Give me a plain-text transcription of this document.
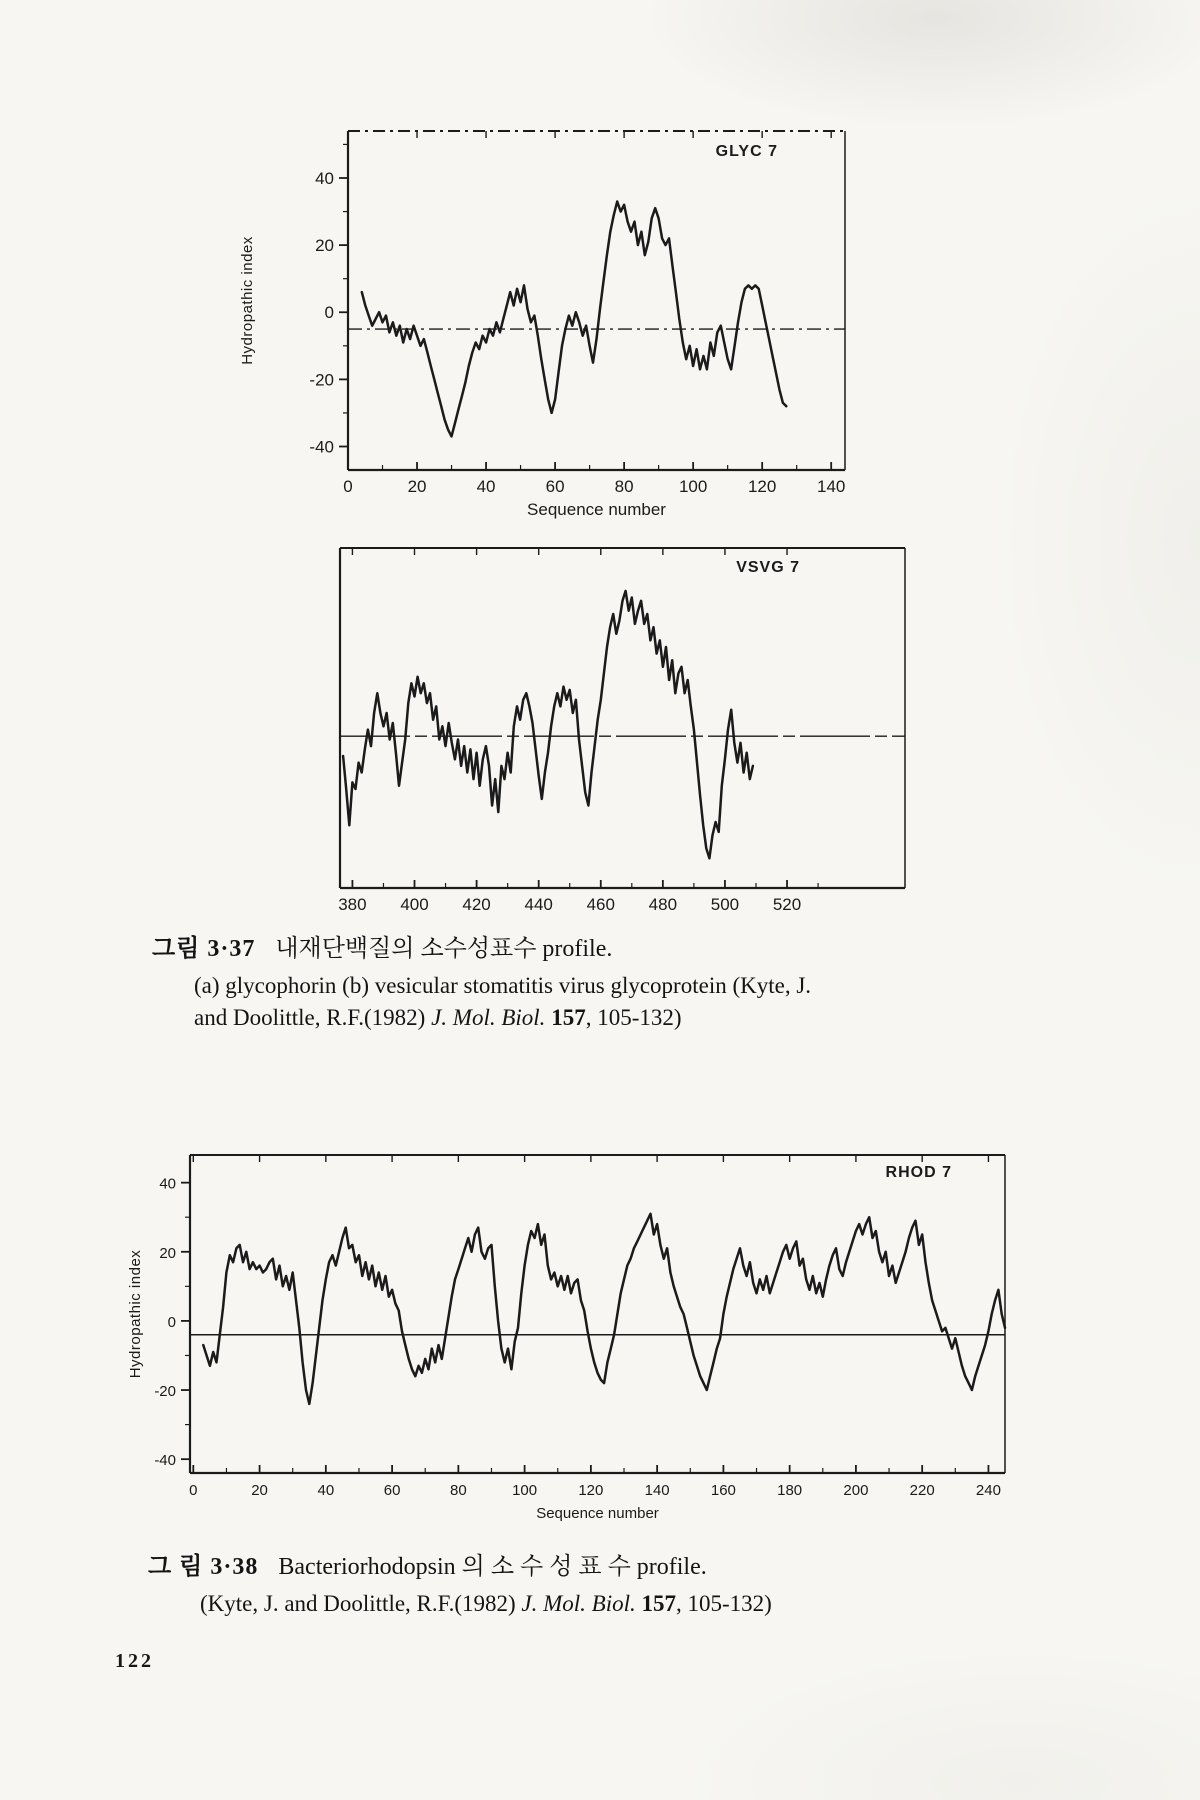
0	20	40	60	80	100 120 140
40
20
0
-20
-40
GLYC 7
Sequence number
Hydropathic index
380 400 420 440 460 480 500 520
VSVG 7
그림 3·37 내재단백질의 소수성표수 profile.
(a) glycophorin (b) vesicular stomatitis virus glycoprotein (Kyte, J.
and Doolittle, R.F.(1982) J. Mol. Biol. 157, 105-132)
0	20	40	60	80	100	120	140	160	180	200	220	240
40
20
0
-20
-40
RHOD 7
Sequence number
Hydropathic index
그 림 3·38 Bacteriorhodopsin 의 소 수 성 표 수 profile.
(Kyte, J. and Doolittle, R.F.(1982) J. Mol. Biol. 157, 105-132)
122
